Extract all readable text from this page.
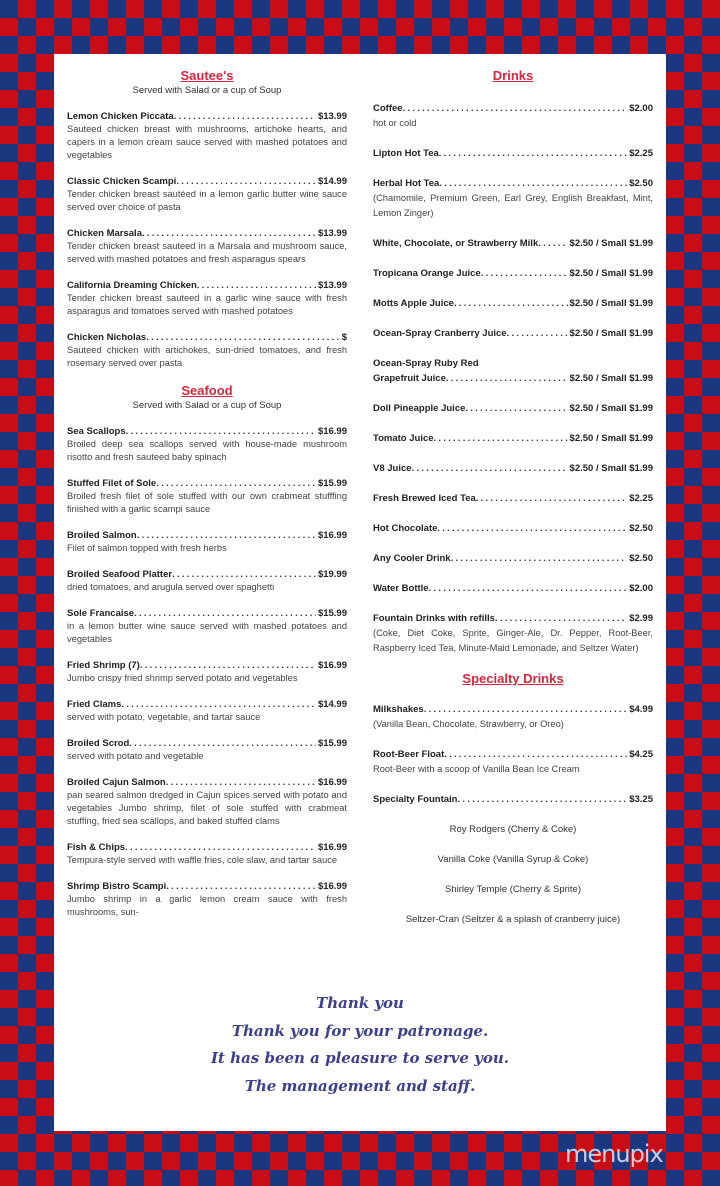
Sautee's
Served with Salad or a cup of Soup
Lemon Chicken Piccata . . .	$13.99
Sauteed chicken breast with mushrooms, artichoke hearts, and capers in a lemon cream sauce served with mashed potatoes and vegetables
Classic Chicken Scampi . . .	$14.99
Tender chicken breast sautéed in a lemon garlic butter wine sauce served over choice of pasta
Chicken Marsala . . .	$13.99
Tender chicken breast sauteed in a Marsala and mushroom sauce, served with mashed potatoes and fresh asparagus spears
California Dreaming Chicken . . .	$13.99
Tender chicken breast sauteed in a garlic wine sauce with fresh asparagus and tomatoes served with mashed potatoes
Chicken Nicholas . . .	$
Sauteed chicken with artichokes, sun-dried tomatoes, and fresh rosemary served over pasta
Seafood
Served with Salad or a cup of Soup
Sea Scallops . . .	$16.99
Broiled deep sea scallops served with house-made mushroom risotto and fresh sauteed baby spinach
Stuffed Filet of Sole . . .	$15.99
Broiled fresh filet of sole stuffed with our own crabmeat stufffing finished with a garlic scampi sauce
Broiled Salmon . . .	$16.99
Filet of salmon topped with fresh herbs
Broiled Seafood Platter . . .	$19.99
dried tomatoes, and arugula served over spaghetti
Sole Francaise . . .	$15.99
in a lemon butter wine sauce served with mashed potatoes and vegetables
Fried Shrimp (7) . . .	$16.99
Jumbo crispy fried shrimp served potato and vegetables
Fried Clams . . .	$14.99
served with potato, vegetable, and tartar sauce
Broiled Scrod . . .	$15.99
served with potato and vegetable
Broiled Cajun Salmon . . .	$16.99
pan seared salmon dredged in Cajun spices served with potato and vegetables Jumbo shrimp, filet of sole stuffed with crabmeat stuffing, fried sea scallops, and baked stuffed clams
Fish & Chips . . .	$16.99
Tempura-style served with waffle fries, cole slaw, and tartar sauce
Shrimp Bistro Scampi . . .	$16.99
Jumbo shrimp in a garlic lemon cream sauce with fresh mushrooms, sun-
Drinks
Coffee . . .	$2.00
hot or cold
Lipton Hot Tea . . .	$2.25
Herbal Hot Tea . . .	$2.50
(Chamomile, Premium Green, Earl Grey, English Breakfast, Mint, Lemon Zinger)
White, Chocolate, or Strawberry Milk . . .	$2.50 / Small $1.99
Tropicana Orange Juice . . .	$2.50 / Small $1.99
Motts Apple Juice . . .	$2.50 / Small $1.99
Ocean-Spray Cranberry Juice . . .	$2.50 / Small $1.99
Ocean-Spray Ruby Red
Grapefruit Juice . . .	$2.50 / Small $1.99
Doll Pineapple Juice . . .	$2.50 / Small $1.99
Tomato Juice . . .	$2.50 / Small $1.99
V8 Juice . . .	$2.50 / Small $1.99
Fresh Brewed Iced Tea . . .	$2.25
Hot Chocolate . . .	$2.50
Any Cooler Drink . . .	$2.50
Water Bottle . . .	$2.00
Fountain Drinks with refills . . .	$2.99
(Coke, Diet Coke, Sprite, Ginger-Ale, Dr. Pepper, Root-Beer, Raspberry Iced Tea, Minute-Maid Lemonade, and Seltzer Water)
Specialty Drinks
Milkshakes . . .	$4.99
(Vanilla Bean, Chocolate, Strawberry, or Oreo)
Root-Beer Float . . .	$4.25
Root-Beer with a scoop of Vanilla Bean Ice Cream
Specialty Fountain . . .	$3.25
Roy Rodgers (Cherry & Coke)
Vanilla Coke (Vanilla Syrup & Coke)
Shirley Temple (Cherry & Sprite)
Seltzer-Cran (Seltzer & a splash of cranberry juice)
Thank you
Thank you for your patronage.
It has been a pleasure to serve you.
The management and staff.
menupix
